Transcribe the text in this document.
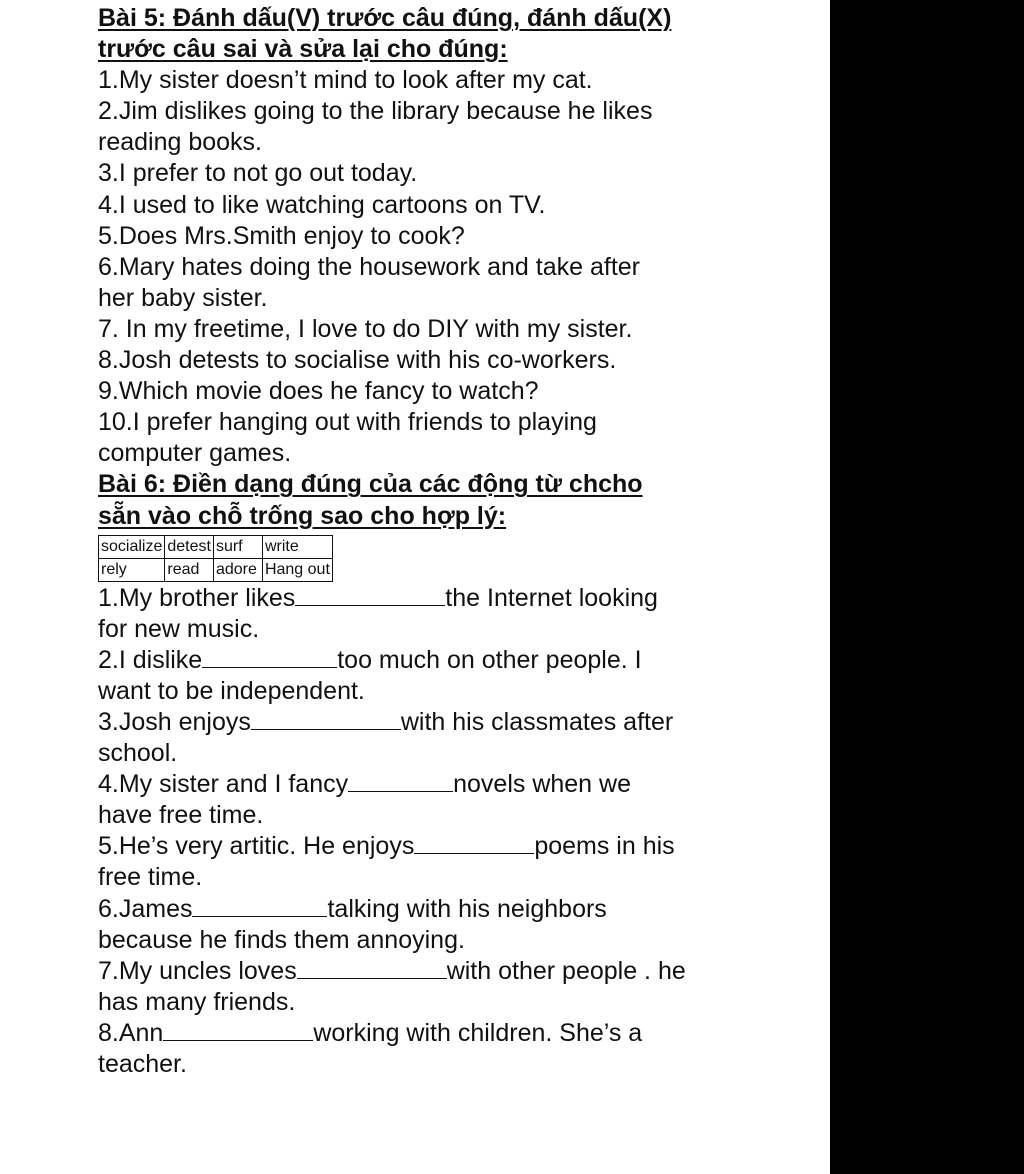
Bài 5: Đánh dấu(V) trước câu đúng, đánh dấu(X)
trước câu sai và sửa lại cho đúng:
1.My sister doesn’t mind to look after my cat.
2.Jim dislikes going to the library because he likes
reading books.
3.I prefer to not go out today.
4.I used to like watching cartoons on TV.
5.Does Mrs.Smith enjoy to cook?
6.Mary hates doing the housework and take after
her baby sister.
7. In my freetime, I love to do DIY with my sister.
8.Josh detests to socialise with his co-workers.
9.Which movie does he fancy to watch?
10.I prefer hanging out with friends to playing
computer games.
Bài 6: Điền dạng đúng của các động từ chcho
sẵn vào chỗ trống sao cho hợp lý:
socialize	detest	surf	write
rely	read	adore	Hang out
1.My brother likes	the Internet looking
for new music.
2.I dislike	too much on other people. I
want to be independent.
3.Josh enjoys	with his classmates after
school.
4.My sister and I fancy	novels when we
have free time.
5.He’s very artitic. He enjoys	poems in his
free time.
6.James	talking with his neighbors
because he finds them annoying.
7.My uncles loves	with other people . he
has many friends.
8.Ann	working with children. She’s a
teacher.
